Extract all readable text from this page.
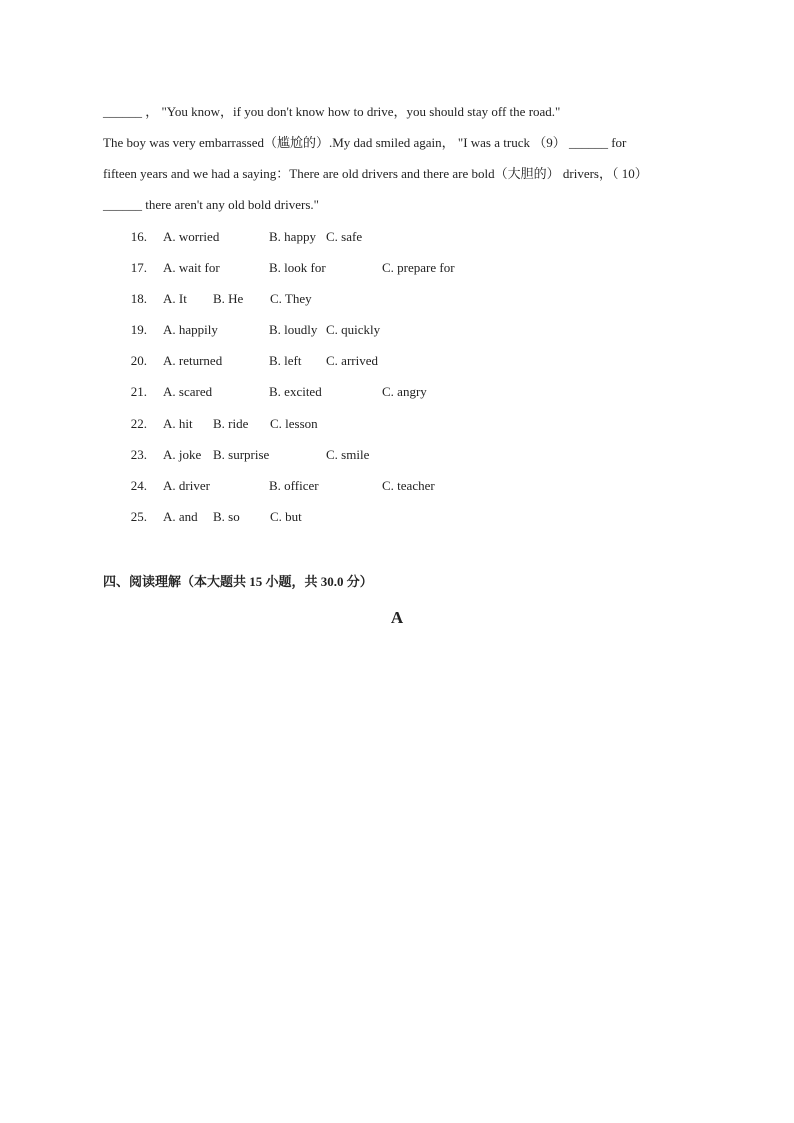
______ ， "You know，if you don't know how to drive，you should stay off the road."
The boy was very embarrassed（尴尬的）.My dad smiled again， "I was a truck （9） ______ for
fifteen years and we had a saying：There are old drivers and there are bold（大胆的） drivers，（ 10）
______ there aren't any old bold drivers."
16. A. worried	B. happy C. safe
17. A. wait for	B. look for	C. prepare for
18. A. It B. He C. They
19. A. happily	B. loudly C. quickly
20. A. returned	B. left C. arrived
21. A. scared	B. excited	C. angry
22. A. hit B. ride C. lesson
23. A. joke B. surprise	C. smile
24. A. driver	B. officer	C. teacher
25. A. and B. so C. but
四、阅读理解（本大题共 15 小题，共 30.0 分）
A
